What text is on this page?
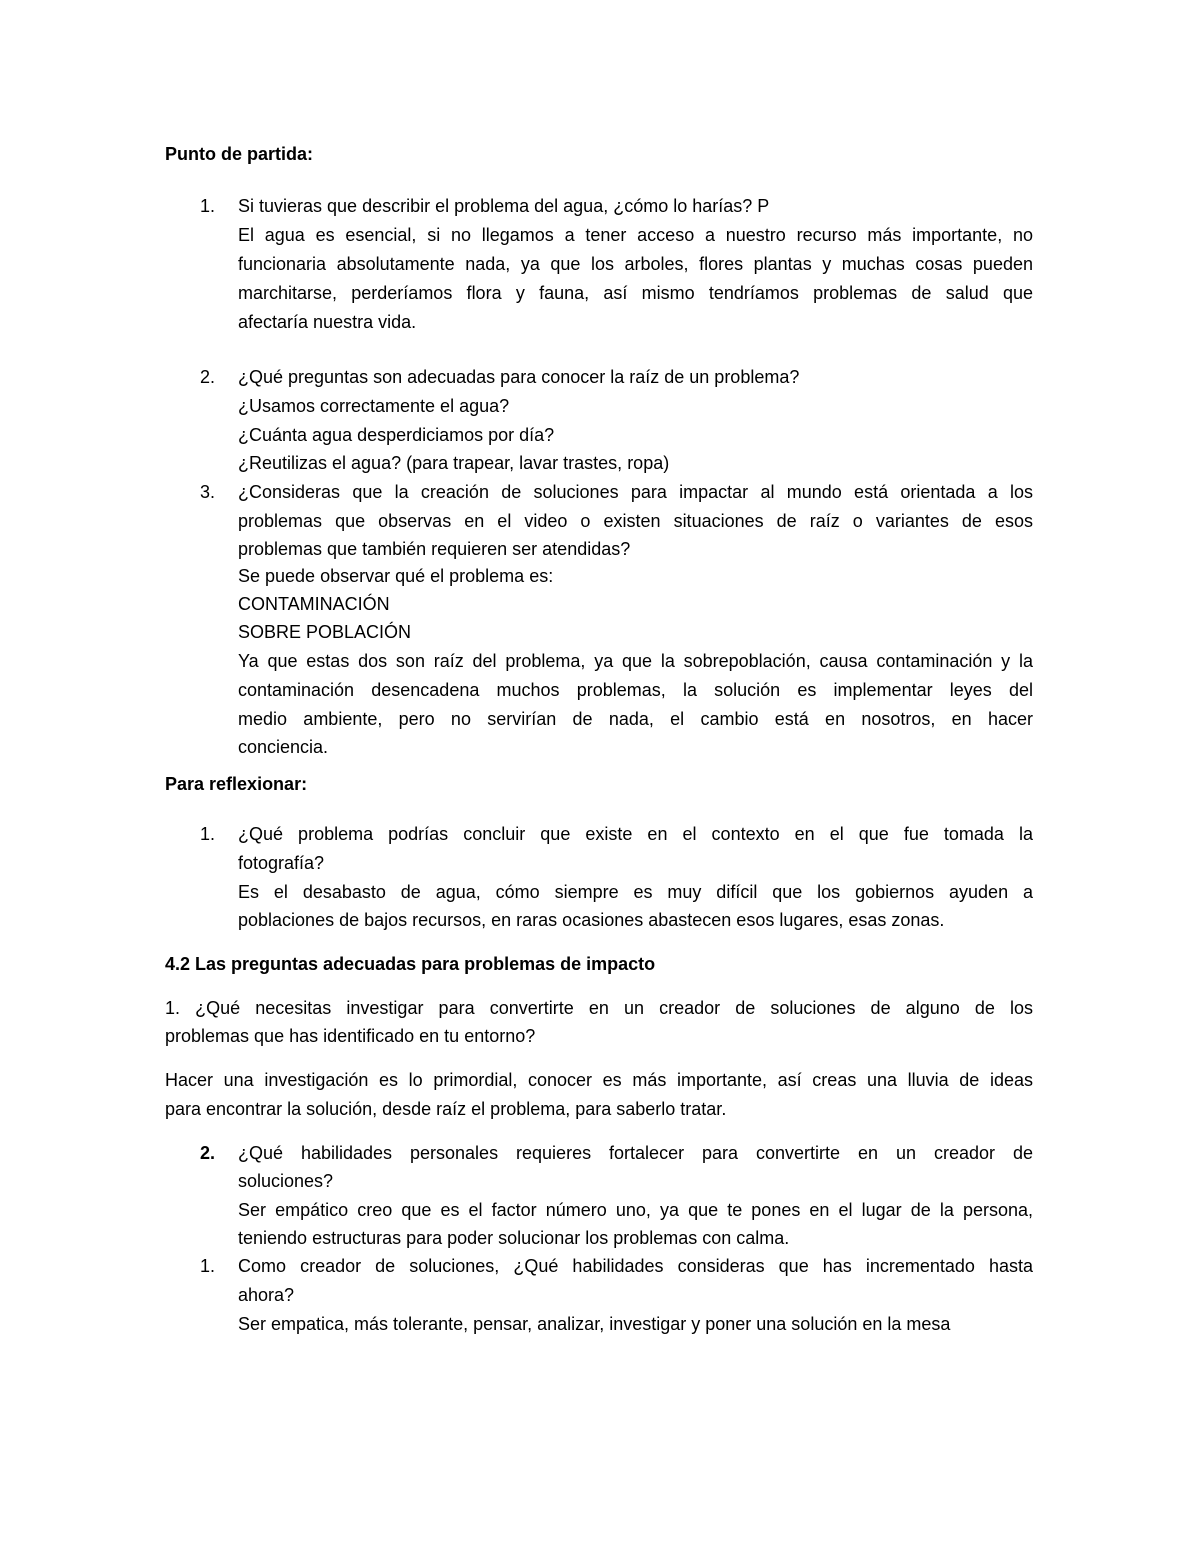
Punto de partida:
1. Si tuvieras que describir el problema del agua, ¿cómo lo harías? P
El agua es esencial, si no llegamos a tener acceso a nuestro recurso más importante, no
funcionaria absolutamente nada, ya que los arboles, flores plantas y muchas cosas pueden
marchitarse, perderíamos flora y fauna, así mismo tendríamos problemas de salud que
afectaría nuestra vida.
2. ¿Qué preguntas son adecuadas para conocer la raíz de un problema?
¿Usamos correctamente el agua?
¿Cuánta agua desperdiciamos por día?
¿Reutilizas el agua? (para trapear, lavar trastes, ropa)
3. ¿Consideras que la creación de soluciones para impactar al mundo está orientada a los
problemas que observas en el video o existen situaciones de raíz o variantes de esos
problemas que también requieren ser atendidas?
Se puede observar qué el problema es:
CONTAMINACIÓN
SOBRE POBLACIÓN
Ya que estas dos son raíz del problema, ya que la sobrepoblación, causa contaminación y la
contaminación desencadena muchos problemas, la solución es implementar leyes del
medio ambiente, pero no servirían de nada, el cambio está en nosotros, en hacer
conciencia.
Para reflexionar:
1. ¿Qué problema podrías concluir que existe en el contexto en el que fue tomada la
fotografía?
Es el desabasto de agua, cómo siempre es muy difícil que los gobiernos ayuden a
poblaciones de bajos recursos, en raras ocasiones abastecen esos lugares, esas zonas.
4.2 Las preguntas adecuadas para problemas de impacto
1. ¿Qué necesitas investigar para convertirte en un creador de soluciones de alguno de los
problemas que has identificado en tu entorno?
Hacer una investigación es lo primordial, conocer es más importante, así creas una lluvia de ideas
para encontrar la solución, desde raíz el problema, para saberlo tratar.
2. ¿Qué habilidades personales requieres fortalecer para convertirte en un creador de
soluciones?
Ser empático creo que es el factor número uno, ya que te pones en el lugar de la persona,
teniendo estructuras para poder solucionar los problemas con calma.
1. Como creador de soluciones, ¿Qué habilidades consideras que has incrementado hasta
ahora?
Ser empatica, más tolerante, pensar, analizar, investigar y poner una solución en la mesa
